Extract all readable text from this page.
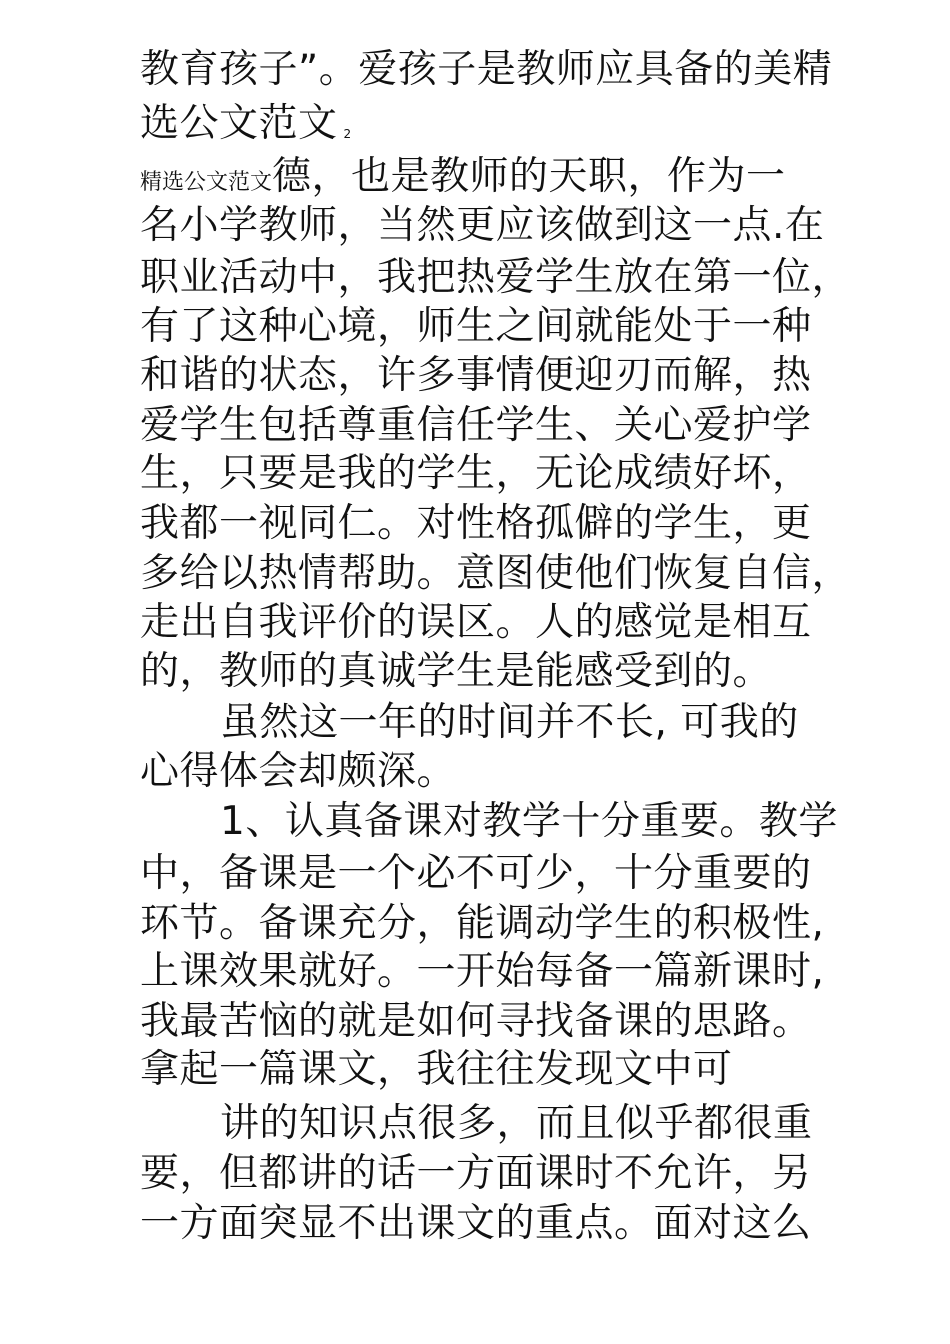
教育孩子”。爱孩子是教师应具备的美精
选公文范文 2
精选公文范文德，也是教师的天职，作为一
名小学教师，当然更应该做到这一点.在
职业活动中，我把热爱学生放在第一位，
有了这种心境，师生之间就能处于一种
和谐的状态，许多事情便迎刃而解，热
爱学生包括尊重信任学生、关心爱护学
生，只要是我的学生，无论成绩好坏，
我都一视同仁。对性格孤僻的学生，更
多给以热情帮助。意图使他们恢复自信，
走出自我评价的误区。人的感觉是相互
的，教师的真诚学生是能感受到的。
虽然这一年的时间并不长, 可我的
心得体会却颇深。
1、认真备课对教学十分重要。教学
中，备课是一个必不可少，十分重要的
环节。备课充分，能调动学生的积极性,
上课效果就好。一开始每备一篇新课时,
我最苦恼的就是如何寻找备课的思路。
拿起一篇课文，我往往发现文中可
讲的知识点很多，而且似乎都很重
要，但都讲的话一方面课时不允许，另
一方面突显不出课文的重点。面对这么
